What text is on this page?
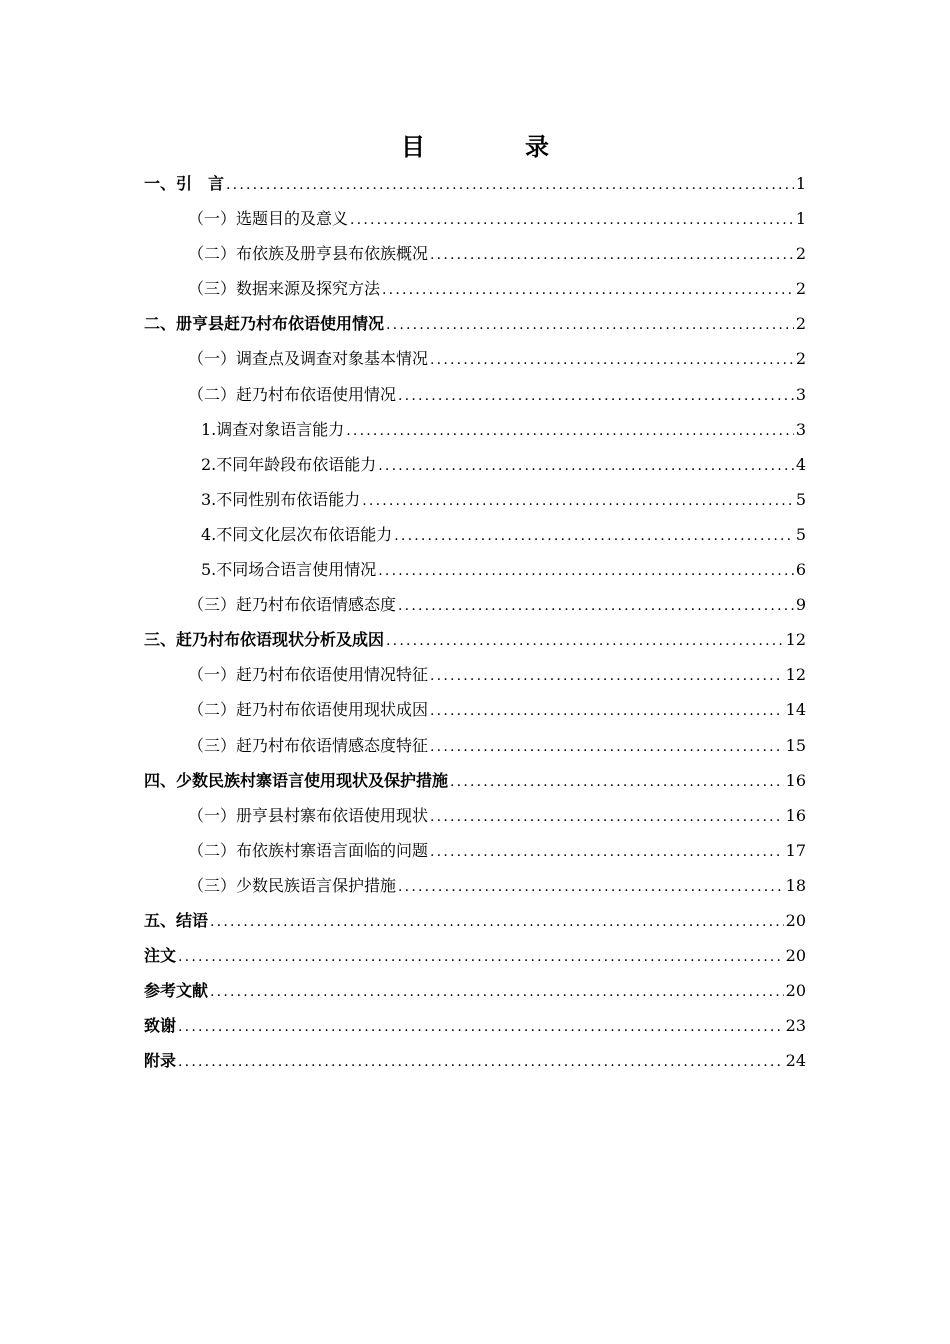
目　录
一、引　言 .....	1
（一）选题目的及意义 .....	1
（二）布依族及册亨县布依族概况 .....	2
（三）数据来源及探究方法 .....	2
二、册亨县赶乃村布依语使用情况 .....	2
（一）调查点及调查对象基本情况 .....	2
（二）赶乃村布依语使用情况 .....	3
1.调查对象语言能力 .....	3
2.不同年龄段布依语能力 .....	4
3.不同性别布依语能力 .....	5
4.不同文化层次布依语能力 .....	5
5.不同场合语言使用情况 .....	6
（三）赶乃村布依语情感态度 .....	9
三、赶乃村布依语现状分析及成因 .....	12
（一）赶乃村布依语使用情况特征 .....	12
（二）赶乃村布依语使用现状成因 .....	14
（三）赶乃村布依语情感态度特征 .....	15
四、少数民族村寨语言使用现状及保护措施 .....	16
（一）册亨县村寨布依语使用现状 .....	16
（二）布依族村寨语言面临的问题 .....	17
（三）少数民族语言保护措施 .....	18
五、结语 .....	20
注文 .....	20
参考文献 .....	20
致谢 .....	23
附录 .....	24
